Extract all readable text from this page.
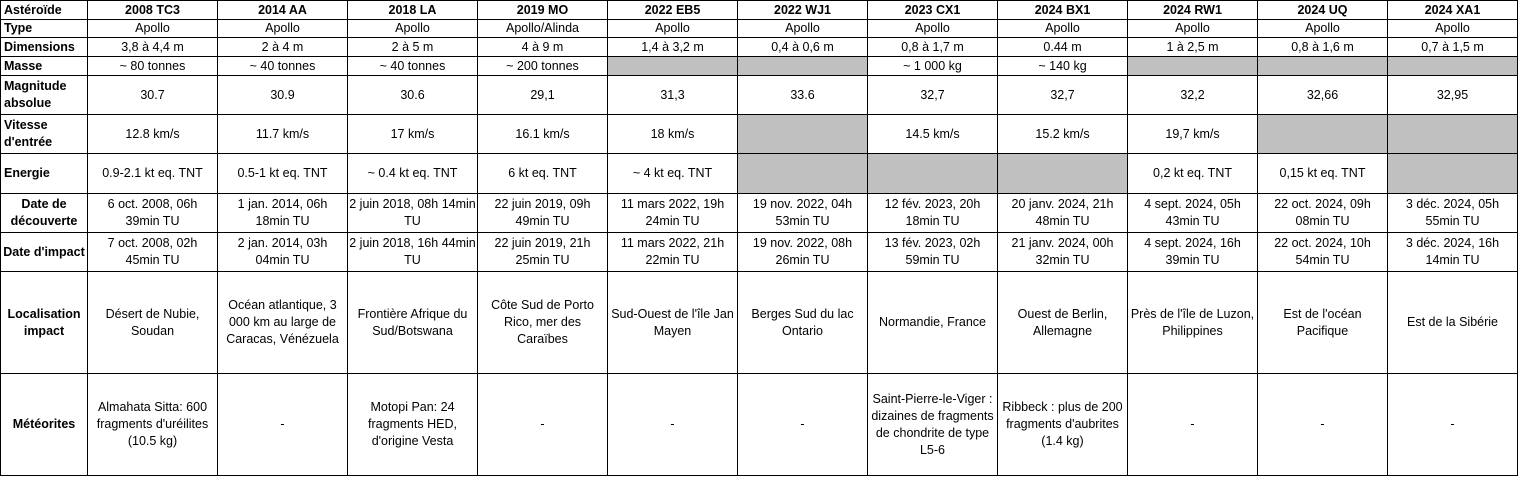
Astéroïde	2008 TC3	2014 AA	2018 LA	2019 MO	2022 EB5	2022 WJ1	2023 CX1	2024 BX1	2024 RW1	2024 UQ	2024 XA1
Type	Apollo	Apollo	Apollo	Apollo/Alinda	Apollo	Apollo	Apollo	Apollo	Apollo	Apollo	Apollo
Dimensions	3,8 à 4,4 m	2 à 4 m	2 à 5 m	4 à 9 m	1,4 à 3,2 m	0,4 à 0,6 m	0,8 à 1,7 m	0.44 m	1 à 2,5 m	0,8 à 1,6 m	0,7 à 1,5 m
Masse	~ 80 tonnes	~ 40 tonnes	~ 40 tonnes	~ 200 tonnes			~ 1 000 kg	~ 140 kg			
Magnitude absolue	30.7	30.9	30.6	29,1	31,3	33.6	32,7	32,7	32,2	32,66	32,95
Vitesse d'entrée	12.8 km/s	11.7 km/s	17 km/s	16.1 km/s	18 km/s		14.5 km/s	15.2 km/s	19,7 km/s		
Energie	0.9-2.1 kt eq. TNT	0.5-1 kt eq. TNT	~ 0.4 kt eq. TNT	6 kt eq. TNT	~ 4 kt eq. TNT				0,2 kt eq. TNT	0,15 kt eq. TNT	
Date de découverte	6 oct. 2008, 06h 39min TU	1 jan. 2014, 06h 18min TU	2 juin 2018, 08h 14min TU	22 juin 2019, 09h 49min TU	11 mars 2022, 19h 24min TU	19 nov. 2022, 04h 53min TU	12 fév. 2023, 20h 18min TU	20 janv. 2024, 21h 48min TU	4 sept. 2024, 05h 43min TU	22 oct. 2024, 09h 08min TU	3 déc. 2024, 05h 55min TU
Date d'impact	7 oct. 2008, 02h 45min TU	2 jan. 2014, 03h 04min TU	2 juin 2018, 16h 44min TU	22 juin 2019, 21h 25min TU	11 mars 2022, 21h 22min TU	19 nov. 2022, 08h 26min TU	13 fév. 2023, 02h 59min TU	21 janv. 2024, 00h 32min TU	4 sept. 2024, 16h 39min TU	22 oct. 2024, 10h 54min TU	3 déc. 2024, 16h 14min TU
Localisation impact	Désert de Nubie, Soudan	Océan atlantique, 3 000 km au large de Caracas, Vénézuela	Frontière Afrique du Sud/Botswana	Côte Sud de Porto Rico, mer des Caraïbes	Sud-Ouest de l'île Jan Mayen	Berges Sud du lac Ontario	Normandie, France	Ouest de Berlin, Allemagne	Près de l'île de Luzon, Philippines	Est de l'océan Pacifique	Est de la Sibérie
Météorites	Almahata Sitta: 600 fragments d'uréilites (10.5 kg)	-	Motopi Pan: 24 fragments HED, d'origine Vesta	-	-	-	Saint-Pierre-le-Viger : dizaines de fragments de chondrite de type L5-6	Ribbeck : plus de 200 fragments d'aubrites (1.4 kg)	-	-	-
